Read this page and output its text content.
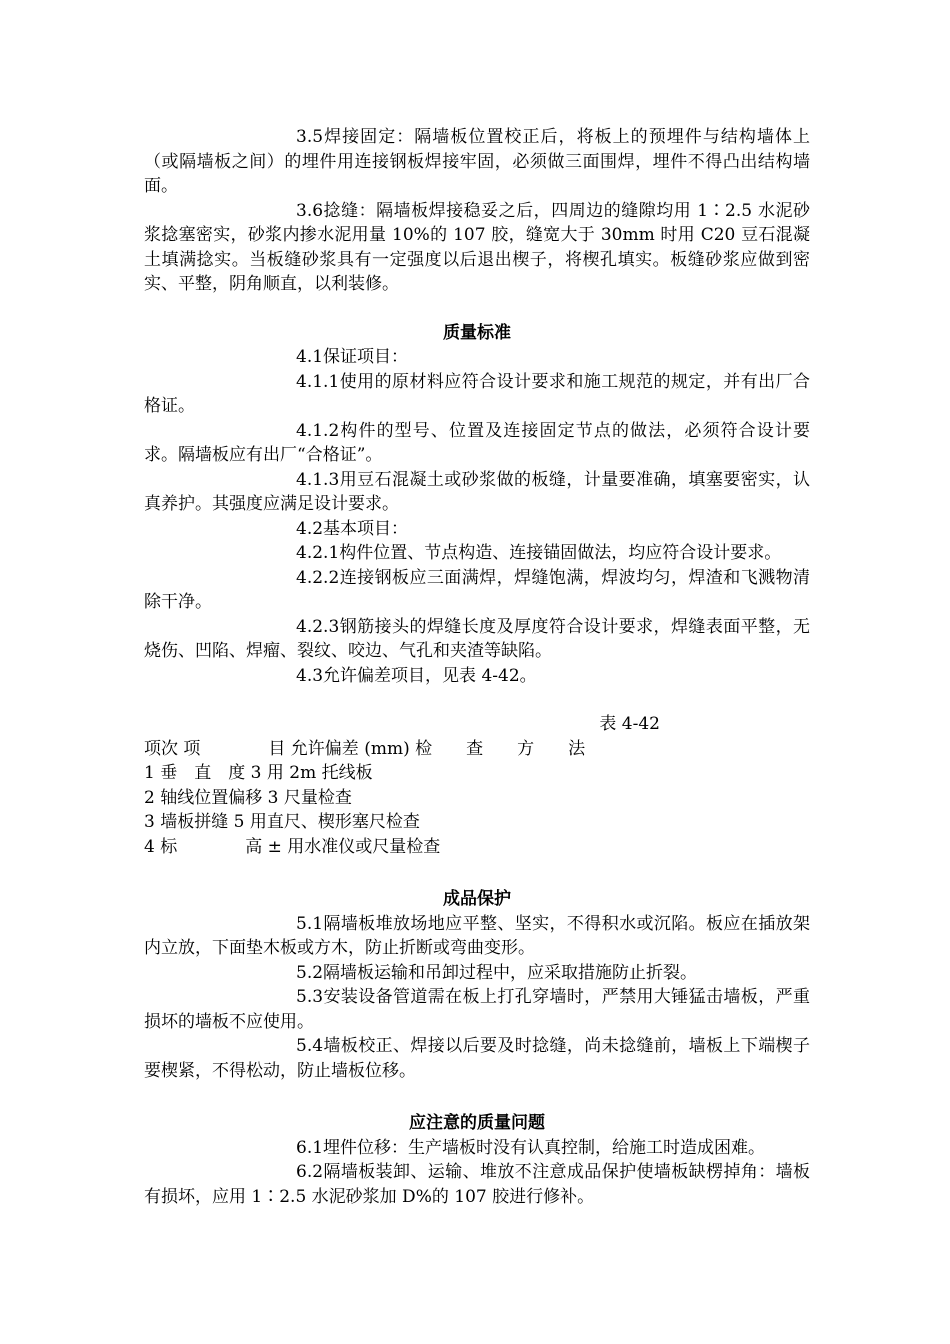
3.5焊接固定：隔墙板位置校正后，将板上的预埋件与结构墙体上（或隔墙板之间）的埋件用连接钢板焊接牢固，必须做三面围焊，埋件不得凸出结构墙面。

3.6捻缝：隔墙板焊接稳妥之后，四周边的缝隙均用 1∶2.5 水泥砂浆捻塞密实，砂浆内掺水泥用量 10%的 107 胶，缝宽大于 30mm 时用 C20 豆石混凝土填满捻实。当板缝砂浆具有一定强度以后退出楔子，将楔孔填实。板缝砂浆应做到密实、平整，阴角顺直，以利装修。

质量标准

4.1保证项目：

4.1.1使用的原材料应符合设计要求和施工规范的规定，并有出厂合格证。

4.1.2构件的型号、位置及连接固定节点的做法，必须符合设计要求。隔墙板应有出厂“合格证”。

4.1.3用豆石混凝土或砂浆做的板缝，计量要准确，填塞要密实，认真养护。其强度应满足设计要求。

4.2基本项目：

4.2.1构件位置、节点构造、连接锚固做法，均应符合设计要求。

4.2.2连接钢板应三面满焊，焊缝饱满，焊波均匀，焊渣和飞溅物清除干净。

4.2.3钢筋接头的焊缝长度及厚度符合设计要求，焊缝表面平整，无烧伤、凹陷、焊瘤、裂纹、咬边、气孔和夹渣等缺陷。

4.3允许偏差项目，见表 4-42。

表 4-42

项次 项　　　　目 允许偏差 (mm) 检　　查　　方　　法

1 垂　直　度 3 用 2m 托线板

2 轴线位置偏移 3 尺量检查

3 墙板拼缝 5 用直尺、楔形塞尺检查

4 标　　　　高 ± 用水准仪或尺量检查

成品保护

5.1隔墙板堆放场地应平整、坚实，不得积水或沉陷。板应在插放架内立放，下面垫木板或方木，防止折断或弯曲变形。

5.2隔墙板运输和吊卸过程中，应采取措施防止折裂。

5.3安装设备管道需在板上打孔穿墙时，严禁用大锤猛击墙板，严重损坏的墙板不应使用。

5.4墙板校正、焊接以后要及时捻缝，尚未捻缝前，墙板上下端楔子要楔紧，不得松动，防止墙板位移。

应注意的质量问题

6.1埋件位移：生产墙板时没有认真控制，给施工时造成困难。

6.2隔墙板装卸、运输、堆放不注意成品保护使墙板缺楞掉角：墙板有损坏，应用 1∶2.5 水泥砂浆加 D%的 107 胶进行修补。
